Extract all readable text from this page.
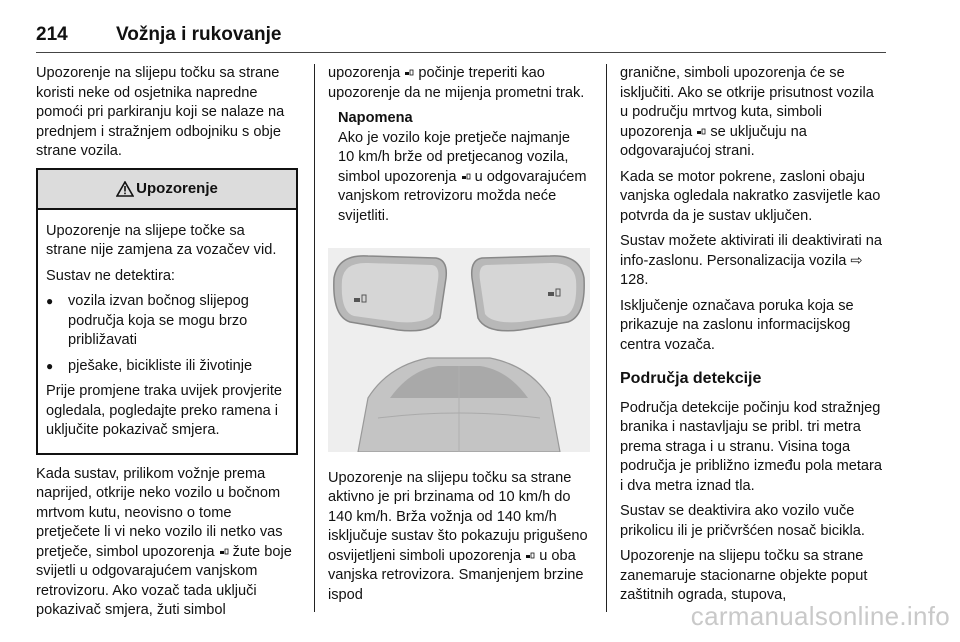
214	Vožnja i rukovanje

Upozorenje na slijepu točku sa strane koristi neke od osjetnika napredne pomoći pri parkiranju koji se nalaze na prednjem i stražnjem odbojniku s obje strane vozila.

Upozorenje

Upozorenje na slijepe točke sa strane nije zamjena za vozačev vid.

Sustav ne detektira:

●	vozila izvan bočnog slijepog područja koja se mogu brzo približavati
●	pješake, bicikliste ili životinje

Prije promjene traka uvijek provjerite ogledala, pogledajte preko ramena i uključite pokazivač smjera.

Kada sustav, prilikom vožnje prema naprijed, otkrije neko vozilo u bočnom mrtvom kutu, neovisno o tome pretječete li vi neko vozilo ili netko vas pretječe, simbol upozorenja žute boje svijetli u odgovarajućem vanjskom retrovizoru. Ako vozač tada uključi pokazivač smjera, žuti simbol

upozorenja počinje treperiti kao upozorenje da ne mijenja prometni trak.

Napomena
Ako je vozilo koje pretječe najmanje 10 km/h brže od pretjecanog vozila, simbol upozorenja u odgovarajućem vanjskom retrovizoru možda neće svijetliti.

Upozorenje na slijepu točku sa strane aktivno je pri brzinama od 10 km/h do 140 km/h. Brža vožnja od 140 km/h isključuje sustav što pokazuju prigušeno osvijetljeni simboli upozorenja u oba vanjska retrovizora. Smanjenjem brzine ispod

granične, simboli upozorenja će se isključiti. Ako se otkrije prisutnost vozila u području mrtvog kuta, simboli upozorenja se uključuju na odgovarajućoj strani.

Kada se motor pokrene, zasloni obaju vanjska ogledala nakratko zasvijetle kao potvrda da je sustav uključen.

Sustav možete aktivirati ili deaktivirati na info-zaslonu. Personalizacija vozila ⇨ 128.

Isključenje označava poruka koja se prikazuje na zaslonu informacijskog centra vozača.

Područja detekcije

Područja detekcije počinju kod stražnjeg branika i nastavljaju se pribl. tri metra prema straga i u stranu. Visina toga područja je približno između pola metara i dva metra iznad tla.

Sustav se deaktivira ako vozilo vuče prikolicu ili je pričvršćen nosač bicikla.

Upozorenje na slijepu točku sa strane zanemaruje stacionarne objekte poput zaštitnih ograda, stupova,

carmanualsonline.info
